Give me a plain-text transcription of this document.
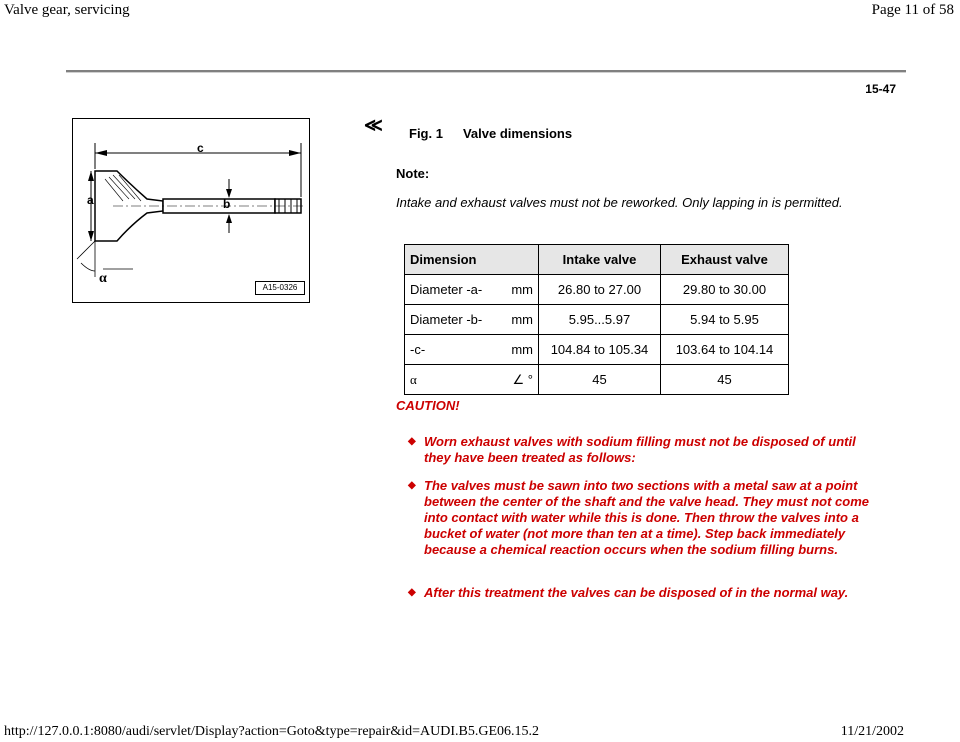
Valve gear, servicing	Page 11 of 58
15-47
c
a	b
α
A15-0326
≪ Fig. 1 Valve dimensions
Note:
Intake and exhaust valves must not be reworked. Only lapping in is permitted.
Dimension	Intake valve	Exhaust valve

Diameter -a- mm	26.80 to 27.00	29.80 to 30.00

Diameter -b- mm	5.95...5.97	5.94 to 5.95

-c- mm	104.84 to 105.34	103.64 to 104.14

α ∠ °	45	45
CAUTION!
◆ Worn exhaust valves with sodium filling must not be disposed of until they have been treated as follows:
◆ The valves must be sawn into two sections with a metal saw at a point between the center of the shaft and the valve head. They must not come into contact with water while this is done. Then throw the valves into a bucket of water (not more than ten at a time). Step back immediately because a chemical reaction occurs when the sodium filling burns.
◆ After this treatment the valves can be disposed of in the normal way.
http://127.0.0.1:8080/audi/servlet/Display?action=Goto&type=repair&id=AUDI.B5.GE06.15.2	11/21/2002
